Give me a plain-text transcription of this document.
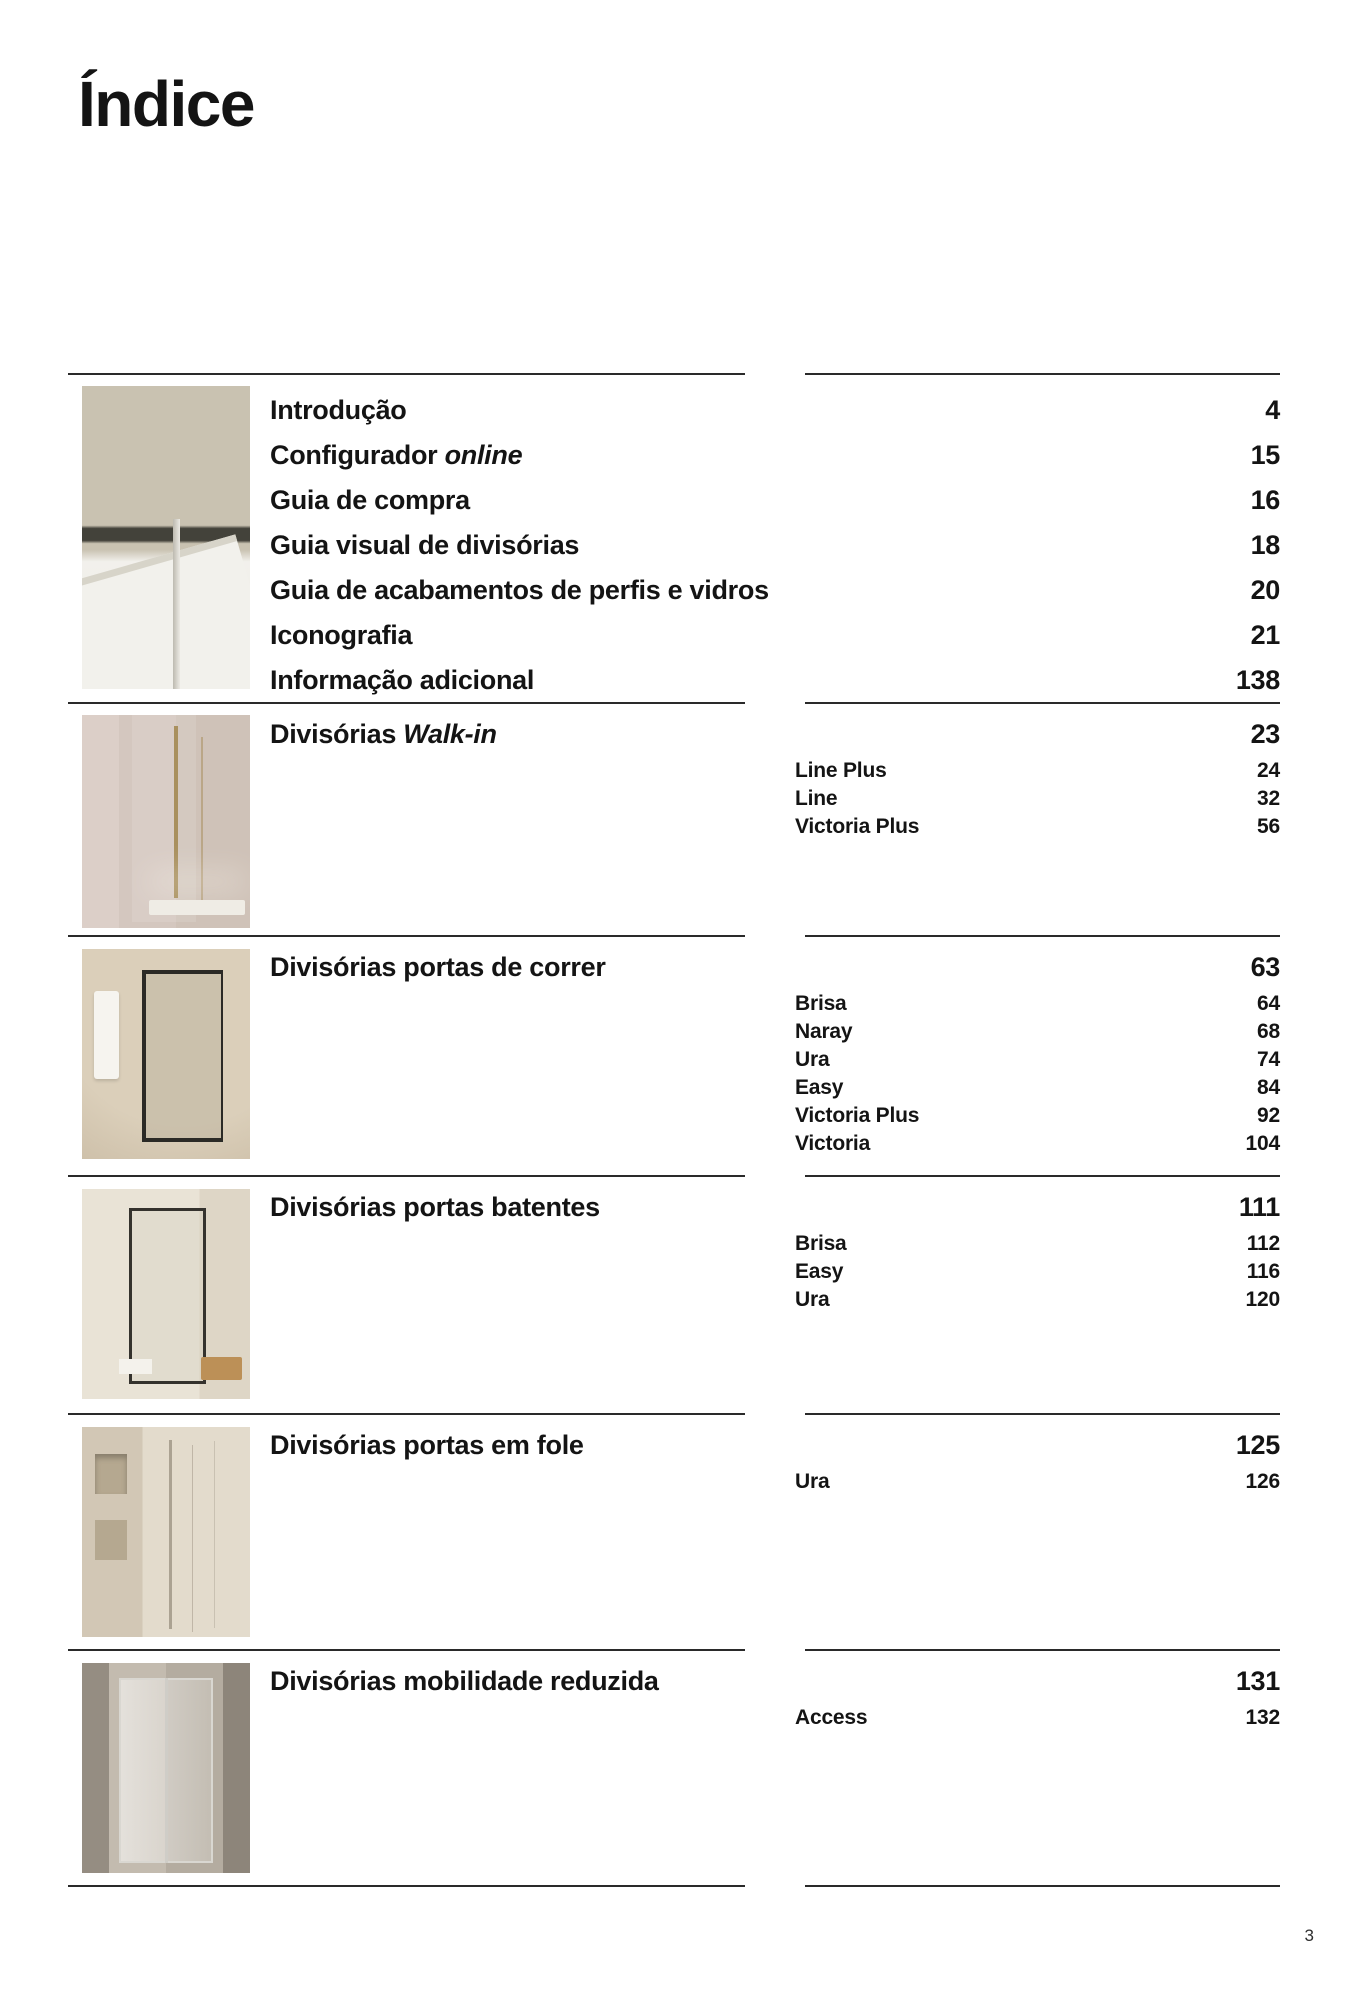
Índice
Introdução	4
Configurador online	15
Guia de compra	16
Guia visual de divisórias	18
Guia de acabamentos de perfis e vidros	20
Iconografia	21
Informação adicional	138
Divisórias Walk-in	23
Line Plus	24
Line	32
Victoria Plus	56
Divisórias portas de correr	63
Brisa	64
Naray	68
Ura	74
Easy	84
Victoria Plus	92
Victoria	104
Divisórias portas batentes	111
Brisa	112
Easy	116
Ura	120
Divisórias portas em fole	125
Ura	126
Divisórias mobilidade reduzida	131
Access	132
3
